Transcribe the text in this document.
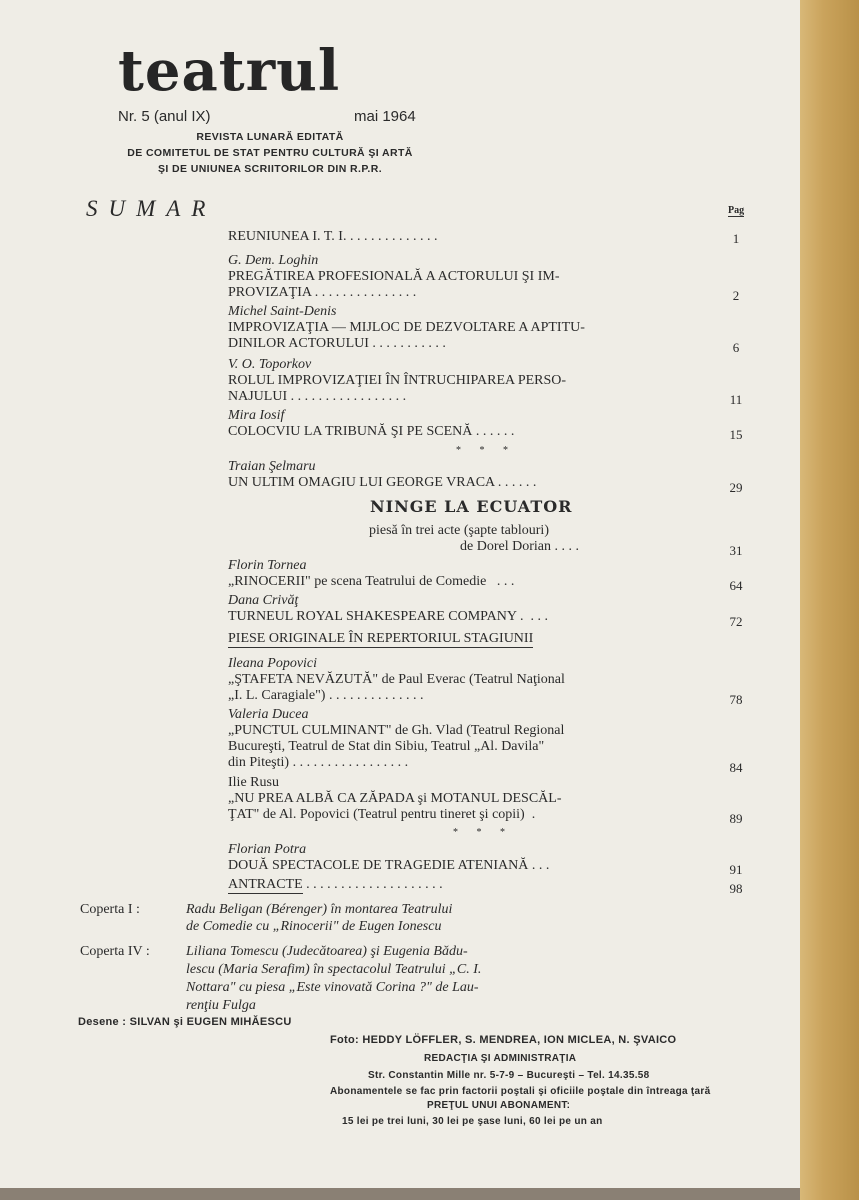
teatrul
Nr. 5 (anul IX)	mai 1964
REVISTA LUNARĂ EDITATĂ
DE COMITETUL DE STAT PENTRU CULTURĂ ŞI ARTĂ
ŞI DE UNIUNEA SCRIITORILOR DIN R.P.R.
SUMAR	Pag
REUNIUNEA I. T. I. . . . . . . . . . . . . .	1
G. Dem. Loghin
PREGĂTIREA PROFESIONALĂ A ACTORULUI ŞI IM-
PROVIZAŢIA . . . . . . . . . . . . . . .	2
Michel Saint-Denis
IMPROVIZAŢIA — MIJLOC DE DEZVOLTARE A APTITU-
DINILOR ACTORULUI . . . . . . . . . . .	6
V. O. Toporkov
ROLUL IMPROVIZAŢIEI ÎN ÎNTRUCHIPAREA PERSO-
NAJULUI . . . . . . . . . . . . . . . . .	11
Mira Iosif
COLOCVIU LA TRIBUNĂ ŞI PE SCENĂ . . . . . .	15
* * *
Traian Şelmaru
UN ULTIM OMAGIU LUI GEORGE VRACA . . . . . .	29
NINGE LA ECUATOR
piesă în trei acte (şapte tablouri)
de Dorel Dorian . . . .	31
Florin Tornea
„RINOCERII" pe scena Teatrului de Comedie   . . .	64
Dana Crivăţ
TURNEUL ROYAL SHAKESPEARE COMPANY .  . . .	72
PIESE ORIGINALE ÎN REPERTORIUL STAGIUNII
Ileana Popovici
„ŞTAFETA NEVĂZUTĂ" de Paul Everac (Teatrul Naţional
„I. L. Caragiale") . . . . . . . . . . . . . .	78
Valeria Ducea
„PUNCTUL CULMINANT" de Gh. Vlad (Teatrul Regional
Bucureşti, Teatrul de Stat din Sibiu, Teatrul „Al. Davila"
din Piteşti) . . . . . . . . . . . . . . . . .	84
Ilie Rusu
„NU PREA ALBĂ CA ZĂPADA şi MOTANUL DESCĂL-
ŢAT" de Al. Popovici (Teatrul pentru tineret şi copii)  .	89
* * *
Florian Potra
DOUĂ SPECTACOLE DE TRAGEDIE ATENIANĂ . . .	91
ANTRACTE . . . . . . . . . . . . . . . . . . . .	98
Coperta I :	Radu Beligan (Bérenger) în montarea Teatrului
de Comedie cu „Rinocerii" de Eugen Ionescu
Coperta IV :	Liliana Tomescu (Judecătoarea) şi Eugenia Bădu-
lescu (Maria Serafim) în spectacolul Teatrului „C. I.
Nottara" cu piesa „Este vinovată Corina ?" de Lau-
renţiu Fulga
Desene : SILVAN şi EUGEN MIHĂESCU
Foto: HEDDY LÖFFLER, S. MENDREA, ION MICLEA, N. ŞVAICO
REDACŢIA ŞI ADMINISTRAŢIA
Str. Constantin Mille nr. 5-7-9 – Bucureşti – Tel. 14.35.58
Abonamentele se fac prin factorii poştali şi oficiile poştale din întreaga ţară
PREŢUL UNUI ABONAMENT:
15 lei pe trei luni, 30 lei pe şase luni, 60 lei pe un an
